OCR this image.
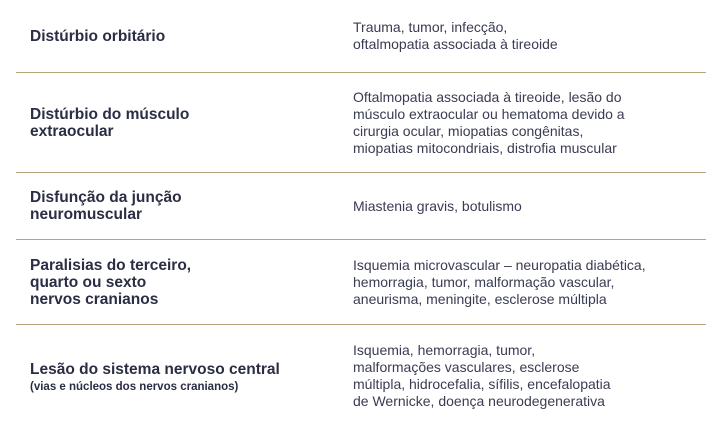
Distúrbio orbitário
Trauma, tumor, infecção,
oftalmopatia associada à tireoide
Distúrbio do músculo
extraocular
Oftalmopatia associada à tireoide, lesão do
músculo extraocular ou hematoma devido a
cirurgia ocular, miopatias congênitas,
miopatias mitocondriais, distrofia muscular
Disfunção da junção
neuromuscular
Miastenia gravis, botulismo
Paralisias do terceiro,
quarto ou sexto
nervos cranianos
Isquemia microvascular – neuropatia diabética,
hemorragia, tumor, malformação vascular,
aneurisma, meningite, esclerose múltipla
Lesão do sistema nervoso central
(vias e núcleos dos nervos cranianos)
Isquemia, hemorragia, tumor,
malformações vasculares, esclerose
múltipla, hidrocefalia, sífilis, encefalopatia
de Wernicke, doença neurodegenerativa
